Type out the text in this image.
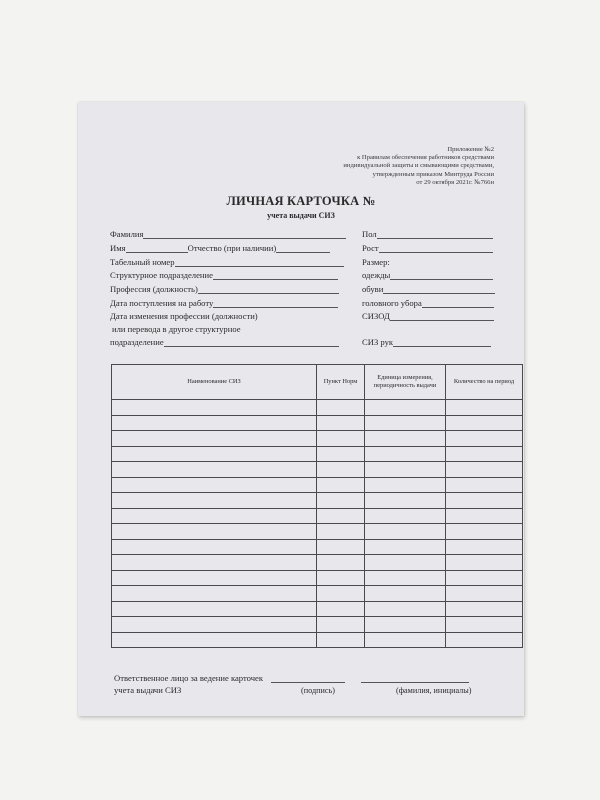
Приложение №2
к Правилам обеспечения работников средствами
индивидуальной защиты и смывающими средствами,
утвержденным приказом Минтруда России
от 29 октября 2021г. №766н
ЛИЧНАЯ КАРТОЧКА №
учета выдачи СИЗ
Фамилия
Имя	Отчество (при наличии)
Табельный номер
Структурное подразделение
Профессия (должность)
Дата поступления на работу
Дата изменения профессии (должности)
или перевода в другое структурное
подразделение
Пол
Рост
Размер:
одежды
обуви
головного убора
СИЗОД
СИЗ рук
Наименование СИЗ	Пункт Норм	Единица измерения, периодичность выдачи	Количество на период

Ответственное лицо за ведение карточек
учета выдачи СИЗ	(подпись)	(фамилия, инициалы)
